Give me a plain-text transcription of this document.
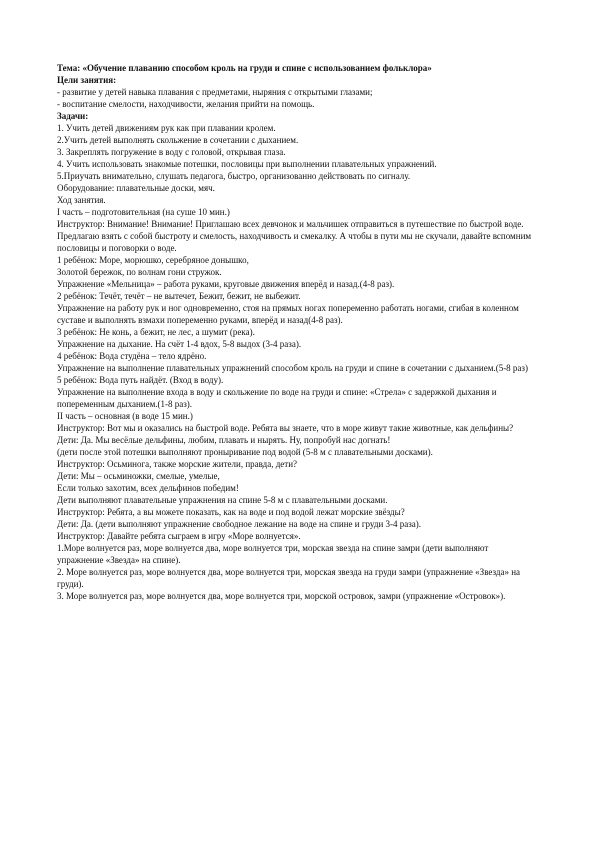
Тема: «Обучение плаванию способом кроль на груди и спине с использованием фольклора»
Цели занятия:
- развитие у детей навыка плавания с предметами, ныряния с открытыми глазами;
- воспитание смелости, находчивости, желания прийти на помощь.
Задачи:
1. Учить детей движениям рук как при плавании кролем.
2.Учить детей выполнять скольжение в сочетании с дыханием.
3. Закреплять погружение в воду с головой, открывая глаза.
4. Учить использовать знакомые потешки, пословицы при выполнении плавательных упражнений.
5.Приучать внимательно, слушать педагога, быстро, организованно действовать по сигналу.
Оборудование: плавательные доски, мяч.
Ход занятия.
I часть – подготовительная (на суше 10 мин.)
Инструктор: Внимание! Внимание! Приглашаю всех девчонок и мальчишек отправиться в путешествие по быстрой воде. Предлагаю взять с собой быстроту и смелость, находчивость и смекалку. А чтобы в пути мы не скучали, давайте вспомним пословицы и поговорки о воде.
1 ребёнок: Море, морюшко, серебряное донышко,
Золотой бережок, по волнам гони стружок.
Упражнение «Мельница» – работа руками, круговые движения вперёд и назад.(4-8 раз).
2 ребёнок: Течёт, течёт – не вытечет, Бежит, бежит, не выбежит.
Упражнение на работу рук и ног одновременно, стоя на прямых ногах попеременно работать ногами, сгибая в коленном суставе и выполнять взмахи попеременно руками, вперёд и назад(4-8 раз).
3 ребёнок: Не конь, а бежит, не лес, а шумит (река).
Упражнение на дыхание. На счёт 1-4 вдох, 5-8 выдох (3-4 раза).
4 ребёнок: Вода студёна – тело ядрёно.
Упражнение на выполнение плавательных упражнений способом кроль на груди и спине в сочетании с дыханием.(5-8 раз)
5 ребёнок: Вода путь найдёт. (Вход в воду).
Упражнение на выполнение входа в воду и скольжение по воде на груди и спине: «Стрела» с задержкой дыхания и попеременным дыханием.(1-8 раз).
II часть – основная (в воде 15 мин.)
Инструктор: Вот мы и оказались на быстрой воде. Ребята вы знаете, что в море живут такие животные, как дельфины?
Дети: Да. Мы весёлые дельфины, любим, плавать и нырять. Ну, попробуй нас догнать!
(дети после этой потешки выполняют проныривание под водой (5-8 м с плавательными досками).
Инструктор: Осьминога, также морские жители, правда, дети?
Дети: Мы – осьминожки, смелые, умелые,
Если только захотим, всех дельфинов победим!
Дети выполняют плавательные упражнения на спине 5-8 м с плавательными досками.
Инструктор: Ребята, а вы можете показать, как на воде и под водой лежат морские звёзды?
Дети: Да. (дети выполняют упражнение свободное лежание на воде на спине и груди 3-4 раза).
Инструктор: Давайте ребята сыграем в игру «Море волнуется».
1.Море волнуется раз, море волнуется два, море волнуется три, морская звезда на спине замри (дети выполняют упражнение «Звезда» на спине).
2. Море волнуется раз, море волнуется два, море волнуется три, морская звезда на груди замри (упражнение «Звезда» на груди).
3. Море волнуется раз, море волнуется два, море волнуется три, морской островок, замри (упражнение «Островок»).
